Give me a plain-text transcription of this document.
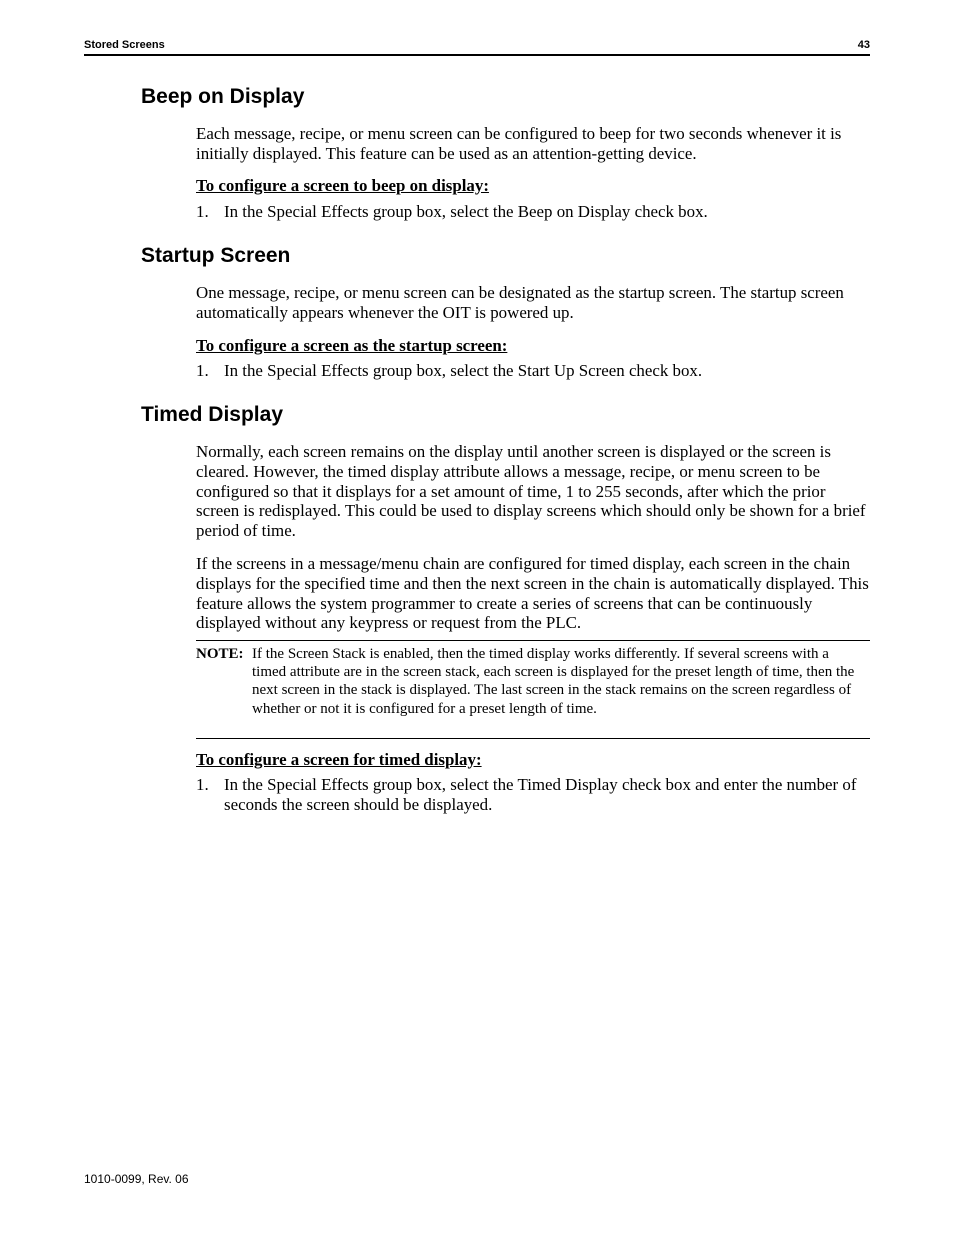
Stored Screens	43
Beep on Display

Each message, recipe, or menu screen can be configured to beep for two seconds whenever it is initially displayed. This feature can be used as an attention-getting device.

To configure a screen to beep on display:

1. In the Special Effects group box, select the Beep on Display check box.
Startup Screen

One message, recipe, or menu screen can be designated as the startup screen. The startup screen automatically appears whenever the OIT is powered up.

To configure a screen as the startup screen:

1. In the Special Effects group box, select the Start Up Screen check box.
Timed Display

Normally, each screen remains on the display until another screen is displayed or the screen is cleared. However, the timed display attribute allows a message, recipe, or menu screen to be configured so that it displays for a set amount of time, 1 to 255 seconds, after which the prior screen is redisplayed. This could be used to display screens which should only be shown for a brief period of time.

If the screens in a message/menu chain are configured for timed display, each screen in the chain displays for the specified time and then the next screen in the chain is automatically displayed. This feature allows the system programmer to create a series of screens that can be continuously displayed without any keypress or request from the PLC.

NOTE: If the Screen Stack is enabled, then the timed display works differently. If several screens with a timed attribute are in the screen stack, each screen is displayed for the preset length of time, then the next screen in the stack is displayed. The last screen in the stack remains on the screen regardless of whether or not it is configured for a preset length of time.

To configure a screen for timed display:

1. In the Special Effects group box, select the Timed Display check box and enter the number of seconds the screen should be displayed.
1010-0099, Rev. 06
